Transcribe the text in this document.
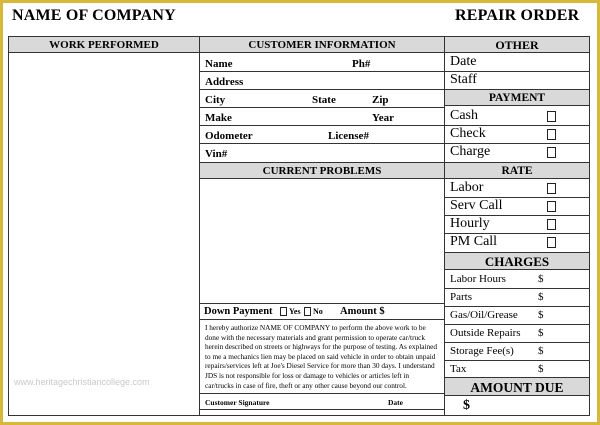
NAME OF COMPANY	REPAIR ORDER
WORK PERFORMED	CUSTOMER INFORMATION
Name	Ph#
Address
City	State	Zip
Make	Year
Odometer	License#
Vin#
CURRENT PROBLEMS
Down Payment Yes No Amount $
I hereby authorize NAME OF COMPANY to perform the above work to be done with the necessary materials and grant permission to operate car/truck herein described on streets or highways for the purpose of testing. As explained to me a mechanics lien may be placed on said vehicle in order to obtain unpaid repairs/services left at Joe's Diesel Service for more than 30 days. I understand JDS is not responsible for loss or damage to vehicles or articles left in car/trucks in case of fire, theft or any other cause beyond our control.
Customer Signature	Date
OTHER
Date
Staff
PAYMENT
Cash
Check
Charge
RATE
Labor
Serv Call
Hourly
PM Call
CHARGES
Labor Hours	$
Parts	$
Gas/Oil/Grease $
Outside Repairs $
Storage Fee(s) $
Tax	$
AMOUNT DUE
$
www.heritagechristiancollege.com
